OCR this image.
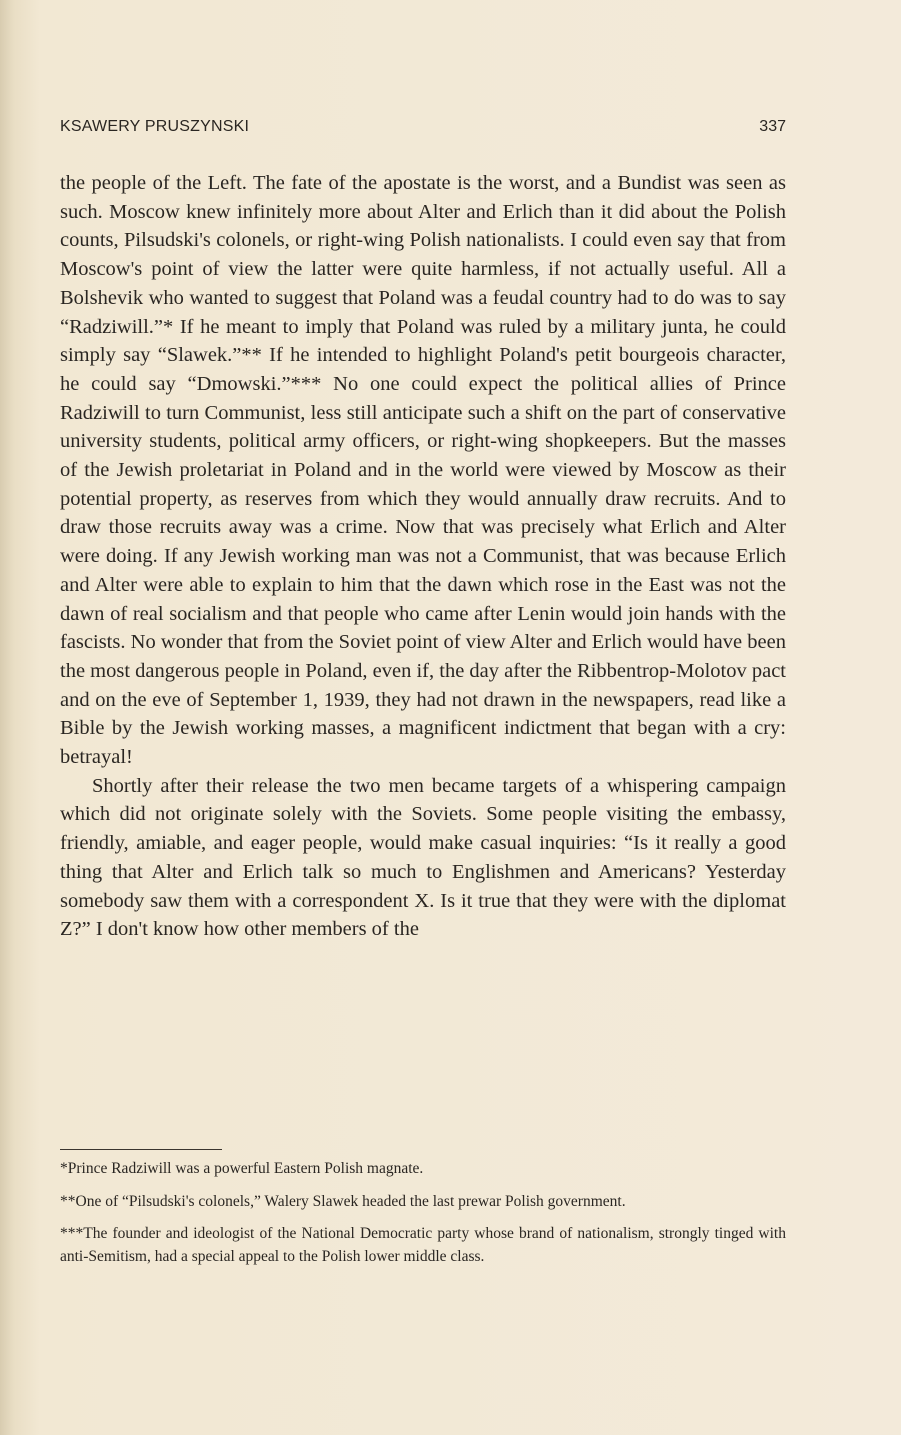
KSAWERY PRUSZYNSKI	337

the people of the Left. The fate of the apostate is the worst, and a Bundist was seen as such. Moscow knew infinitely more about Alter and Erlich than it did about the Polish counts, Pilsudski's colonels, or right-wing Polish nationalists. I could even say that from Moscow's point of view the latter were quite harmless, if not actually useful. All a Bolshevik who wanted to suggest that Poland was a feudal country had to do was to say “Radziwill.”* If he meant to imply that Poland was ruled by a military junta, he could simply say “Slawek.”** If he intended to highlight Poland's petit bourgeois character, he could say “Dmowski.”*** No one could expect the political allies of Prince Radziwill to turn Communist, less still anticipate such a shift on the part of conservative university students, political army officers, or right-wing shopkeepers. But the masses of the Jewish proletariat in Poland and in the world were viewed by Moscow as their potential property, as reserves from which they would annually draw recruits. And to draw those recruits away was a crime. Now that was precisely what Erlich and Alter were doing. If any Jewish working man was not a Communist, that was because Erlich and Alter were able to explain to him that the dawn which rose in the East was not the dawn of real socialism and that people who came after Lenin would join hands with the fascists. No wonder that from the Soviet point of view Alter and Erlich would have been the most dangerous people in Poland, even if, the day after the Ribbentrop-Molotov pact and on the eve of September 1, 1939, they had not drawn in the newspapers, read like a Bible by the Jewish working masses, a magnificent indictment that began with a cry: betrayal!

Shortly after their release the two men became targets of a whispering campaign which did not originate solely with the Soviets. Some people visiting the embassy, friendly, amiable, and eager people, would make casual inquiries: “Is it really a good thing that Alter and Erlich talk so much to Englishmen and Americans? Yesterday somebody saw them with a correspondent X. Is it true that they were with the diplomat Z?” I don't know how other members of the

*Prince Radziwill was a powerful Eastern Polish magnate.

**One of “Pilsudski's colonels,” Walery Slawek headed the last prewar Polish government.

***The founder and ideologist of the National Democratic party whose brand of nationalism, strongly tinged with anti-Semitism, had a special appeal to the Polish lower middle class.
